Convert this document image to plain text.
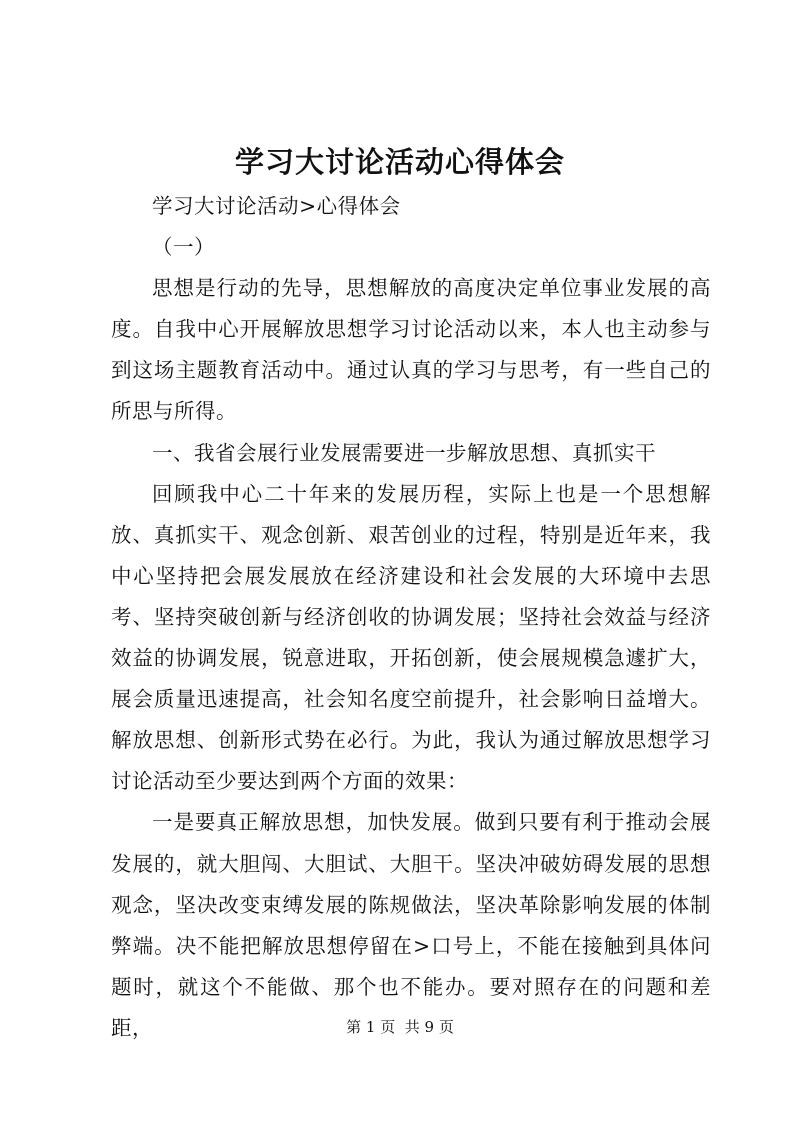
学习大讨论活动心得体会

学习大讨论活动>心得体会

（一）

思想是行动的先导，思想解放的高度决定单位事业发展的高度。自我中心开展解放思想学习讨论活动以来，本人也主动参与到这场主题教育活动中。通过认真的学习与思考，有一些自己的所思与所得。

一、我省会展行业发展需要进一步解放思想、真抓实干

回顾我中心二十年来的发展历程，实际上也是一个思想解放、真抓实干、观念创新、艰苦创业的过程，特别是近年来，我中心坚持把会展发展放在经济建设和社会发展的大环境中去思考、坚持突破创新与经济创收的协调发展；坚持社会效益与经济效益的协调发展，锐意进取，开拓创新，使会展规模急遽扩大，展会质量迅速提高，社会知名度空前提升，社会影响日益增大。解放思想、创新形式势在必行。为此，我认为通过解放思想学习讨论活动至少要达到两个方面的效果：

一是要真正解放思想，加快发展。做到只要有利于推动会展发展的，就大胆闯、大胆试、大胆干。坚决冲破妨碍发展的思想观念，坚决改变束缚发展的陈规做法，坚决革除影响发展的体制弊端。决不能把解放思想停留在>口号上，不能在接触到具体问题时，就这个不能做、那个也不能办。要对照存在的问题和差距，	第 1 页  共 9 页
